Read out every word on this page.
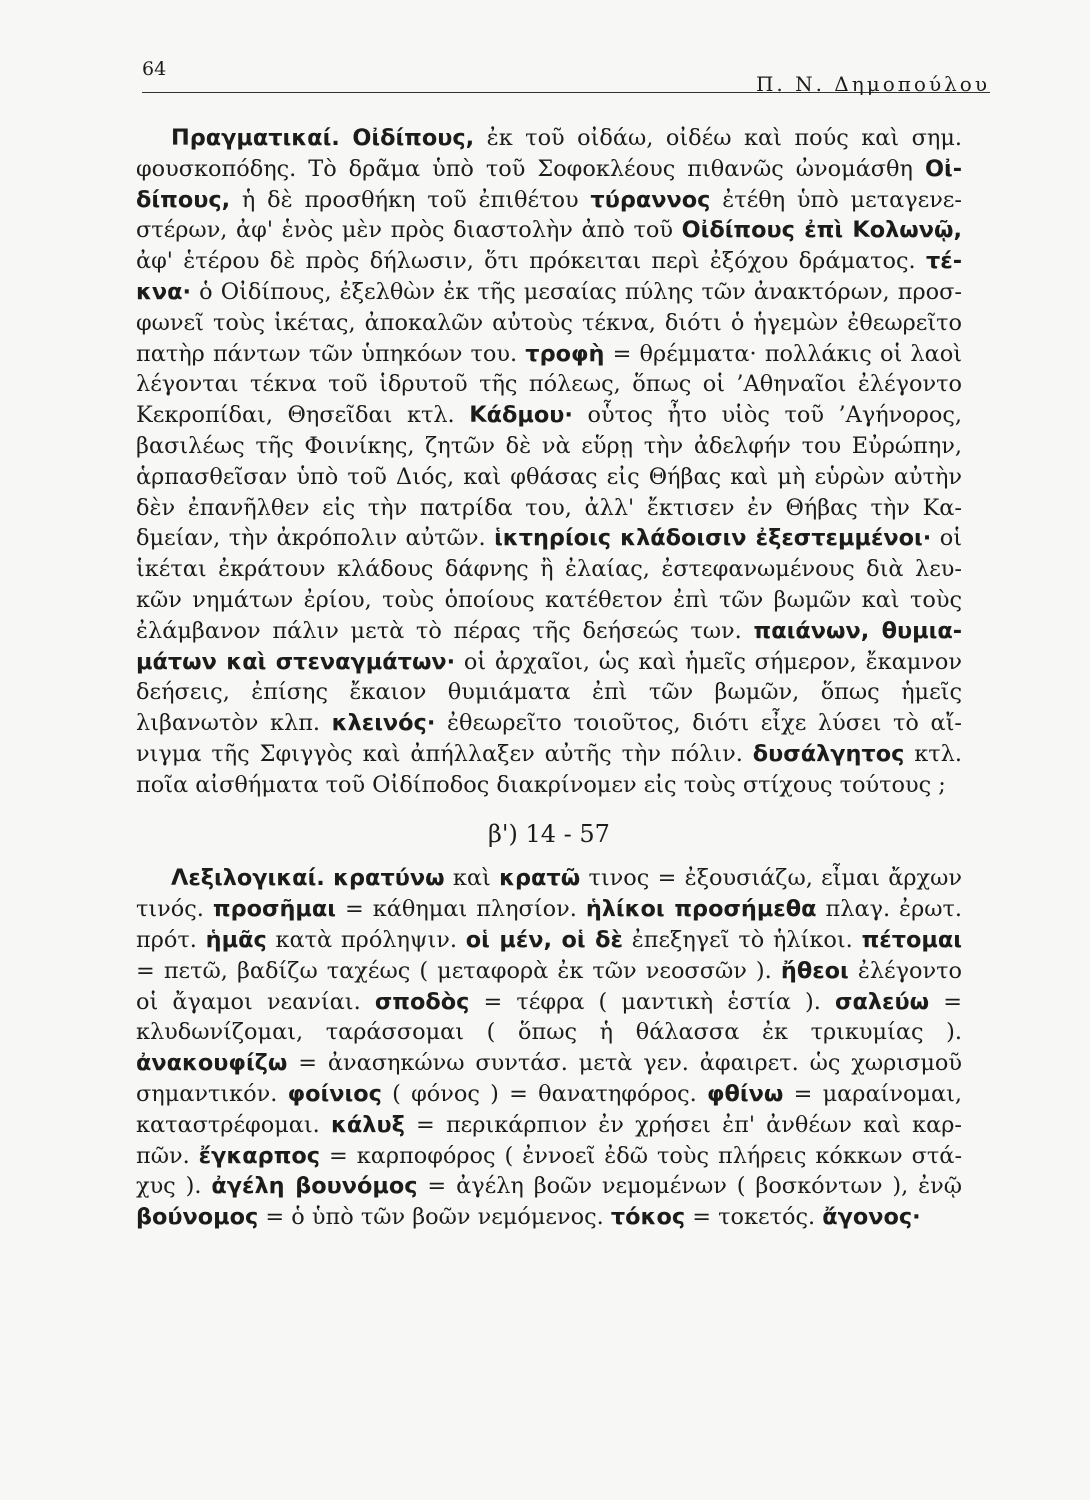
64
Π. Ν. Δημοπούλου

Πραγματικαί. Οἰδίπους, ἐκ τοῦ οἰδάω, οἰδέω καὶ πούς καὶ σημ. φουσκοπόδης. Τὸ δρᾶμα ὑπὸ τοῦ Σοφοκλέους πιθανῶς ὠνομάσθη Οἰδίπους, ἡ δὲ προσθήκη τοῦ ἐπιθέτου τύραννος ἐτέθη ὑπὸ μεταγενεστέρων, ἀφ' ἑνὸς μὲν πρὸς διαστολὴν ἀπὸ τοῦ Οἰδίπους ἐπὶ Κολωνῷ, ἀφ' ἑτέρου δὲ πρὸς δήλωσιν, ὅτι πρόκειται περὶ ἐξόχου δράματος. τέκνα· ὁ Οἰδίπους, ἐξελθὼν ἐκ τῆς μεσαίας πύλης τῶν ἀνακτόρων, προσφωνεῖ τοὺς ἱκέτας, ἀποκαλῶν αὐτοὺς τέκνα, διότι ὁ ἡγεμὼν ἐθεωρεῖτο πατὴρ πάντων τῶν ὑπηκόων του. τροφὴ = θρέμματα· πολλάκις οἱ λαοὶ λέγονται τέκνα τοῦ ἱδρυτοῦ τῆς πόλεως, ὅπως οἱ ’Αθηναῖοι ἐλέγοντο Κεκροπίδαι, Θησεῖδαι κτλ. Κάδμου· οὗτος ἦτο υἱὸς τοῦ ’Αγήνορος, βασιλέως τῆς Φοινίκης, ζητῶν δὲ νὰ εὕρῃ τὴν ἀδελφήν του Εὐρώπην, ἁρπασθεῖσαν ὑπὸ τοῦ Διός, καὶ φθάσας εἰς Θήβας καὶ μὴ εὑρὼν αὐτὴν δὲν ἐπανῆλθεν εἰς τὴν πατρίδα του, ἀλλ' ἔκτισεν ἐν Θήβας τὴν Καδμείαν, τὴν ἀκρόπολιν αὐτῶν. ἱκτηρίοις κλάδοισιν ἐξεστεμμένοι· οἱ ἱκέται ἐκράτουν κλάδους δάφνης ἢ ἐλαίας, ἐστεφανωμένους διὰ λευκῶν νημάτων ἐρίου, τοὺς ὁποίους κατέθετον ἐπὶ τῶν βωμῶν καὶ τοὺς ἐλάμβανον πάλιν μετὰ τὸ πέρας τῆς δεήσεώς των. παιάνων, θυμιαμάτων καὶ στεναγμάτων· οἱ ἀρχαῖοι, ὡς καὶ ἡμεῖς σήμερον, ἔκαμνον δεήσεις, ἐπίσης ἔκαιον θυμιάματα ἐπὶ τῶν βωμῶν, ὅπως ἡμεῖς λιβανωτὸν κλπ. κλεινός· ἐθεωρεῖτο τοιοῦτος, διότι εἶχε λύσει τὸ αἴνιγμα τῆς Σφιγγὸς καὶ ἀπήλλαξεν αὐτῆς τὴν πόλιν. δυσάλγητος κτλ. ποῖα αἰσθήματα τοῦ Οἰδίποδος διακρίνομεν εἰς τοὺς στίχους τούτους ;

β') 14 - 57

Λεξιλογικαί. κρατύνω καὶ κρατῶ τινος = ἐξουσιάζω, εἶμαι ἄρχων τινός. προσῆμαι = κάθημαι πλησίον. ἡλίκοι προσήμεθα πλαγ. ἐρωτ. πρότ. ἡμᾶς κατὰ πρόληψιν. οἱ μέν, οἱ δὲ ἐπεξηγεῖ τὸ ἡλίκοι. πέτομαι = πετῶ, βαδίζω ταχέως ( μεταφορὰ ἐκ τῶν νεοσσῶν ). ἤθεοι ἐλέγοντο οἱ ἄγαμοι νεανίαι. σποδὸς = τέφρα ( μαντικὴ ἑστία ). σαλεύω = κλυδωνίζομαι, ταράσσομαι ( ὅπως ἡ θάλασσα ἐκ τρικυμίας ). ἀνακουφίζω = ἀνασηκώνω συντάσ. μετὰ γεν. ἀφαιρετ. ὡς χωρισμοῦ σημαντικόν. φοίνιος ( φόνος ) = θανατηφόρος. φθίνω = μαραίνομαι, καταστρέφομαι. κάλυξ = περικάρπιον ἐν χρήσει ἐπ' ἀνθέων καὶ καρπῶν. ἔγκαρπος = καρποφόρος ( ἐννοεῖ ἐδῶ τοὺς πλήρεις κόκκων στάχυς ). ἀγέλη βουνόμος = ἀγέλη βοῶν νεμομένων ( βοσκόντων ), ἐνῷ βούνομος = ὁ ὑπὸ τῶν βοῶν νεμόμενος. τόκος = τοκετός. ἄγονος·
